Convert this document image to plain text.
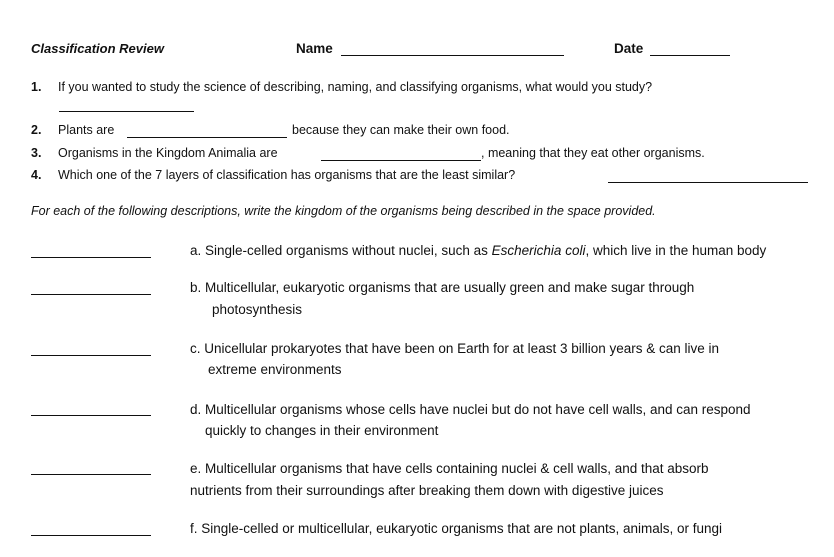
Classification Review	Name	Date
1. If you wanted to study the science of describing, naming, and classifying organisms, what would you study?
2. Plants are	because they can make their own food.
3. Organisms in the Kingdom Animalia are	, meaning that they eat other organisms.
4. Which one of the 7 layers of classification has organisms that are the least similar?
For each of the following descriptions, write the kingdom of the organisms being described in the space provided.
a. Single-celled organisms without nuclei, such as Escherichia coli, which live in the human body
b. Multicellular, eukaryotic organisms that are usually green and make sugar through
photosynthesis
c. Unicellular prokaryotes that have been on Earth for at least 3 billion years & can live in
extreme environments
d. Multicellular organisms whose cells have nuclei but do not have cell walls, and can respond
quickly to changes in their environment
e. Multicellular organisms that have cells containing nuclei & cell walls, and that absorb
nutrients from their surroundings after breaking them down with digestive juices
f. Single-celled or multicellular, eukaryotic organisms that are not plants, animals, or fungi
